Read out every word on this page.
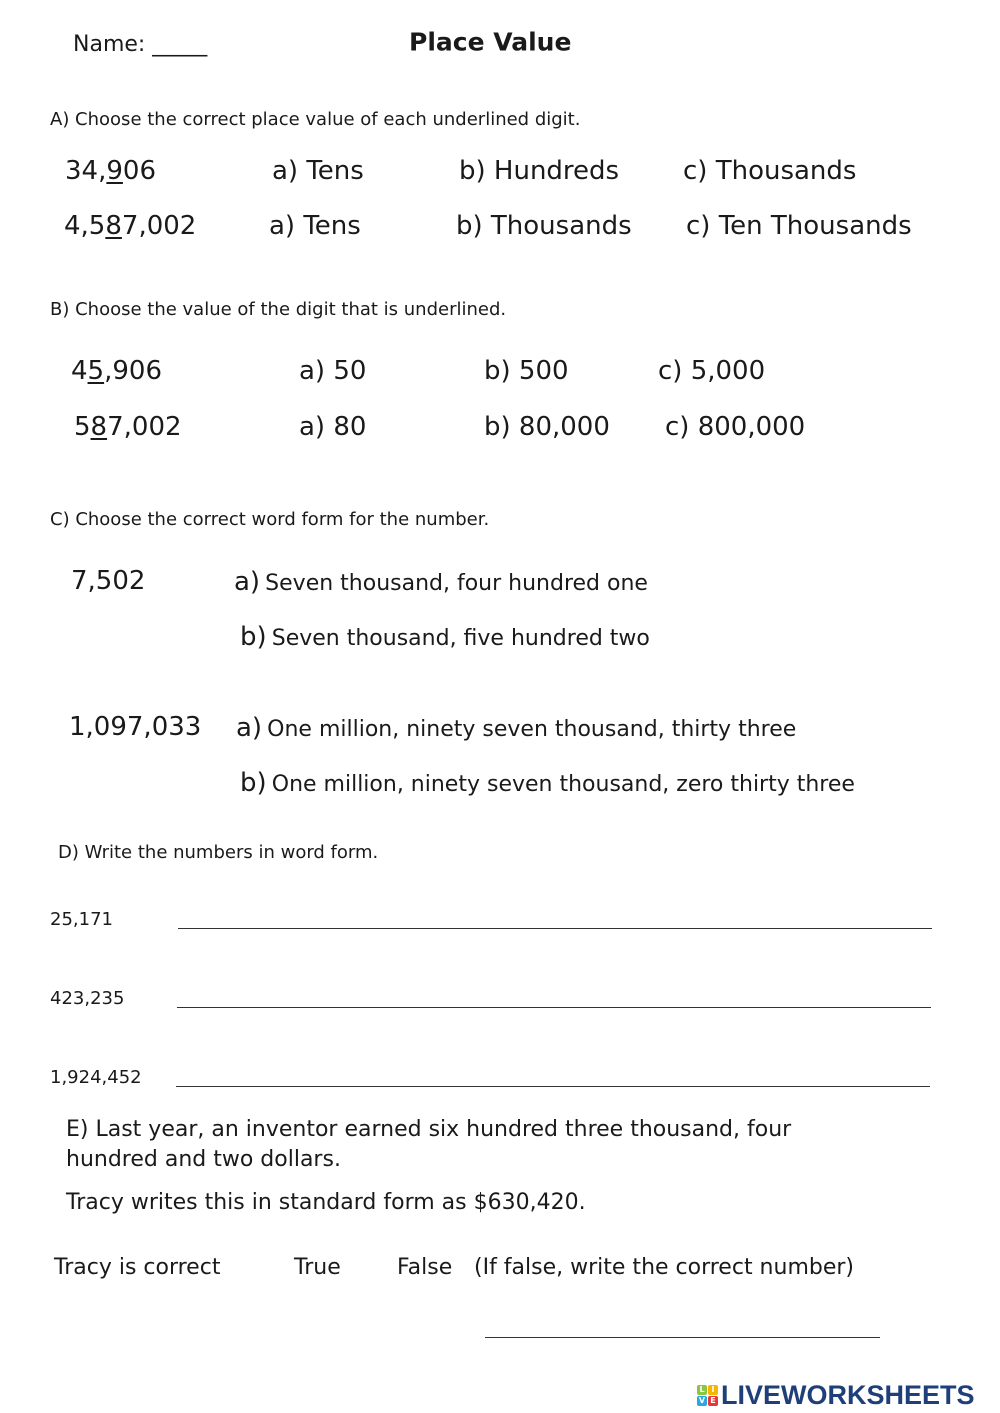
Name: _____	Place Value
A) Choose the correct place value of each underlined digit.
34,906	a) Tens	b) Hundreds c) Thousands
4,587,002	a) Tens	b) Thousands c) Ten Thousands
B) Choose the value of the digit that is underlined.
45,906	a) 50	b) 500	c) 5,000
587,002	a) 80	b) 80,000 c) 800,000
C) Choose the correct word form for the number.
7,502	a) Seven thousand, four hundred one
b) Seven thousand, five hundred two
1,097,033 a) One million, ninety seven thousand, thirty three
b) One million, ninety seven thousand, zero thirty three
D) Write the numbers in word form.
25,171
423,235
1,924,452
E) Last year, an inventor earned six hundred three thousand, four
hundred and two dollars.
Tracy writes this in standard form as $630,420.
Tracy is correct	True	False (If false, write the correct number)
L I
V E LIVEWORKSHEETS
